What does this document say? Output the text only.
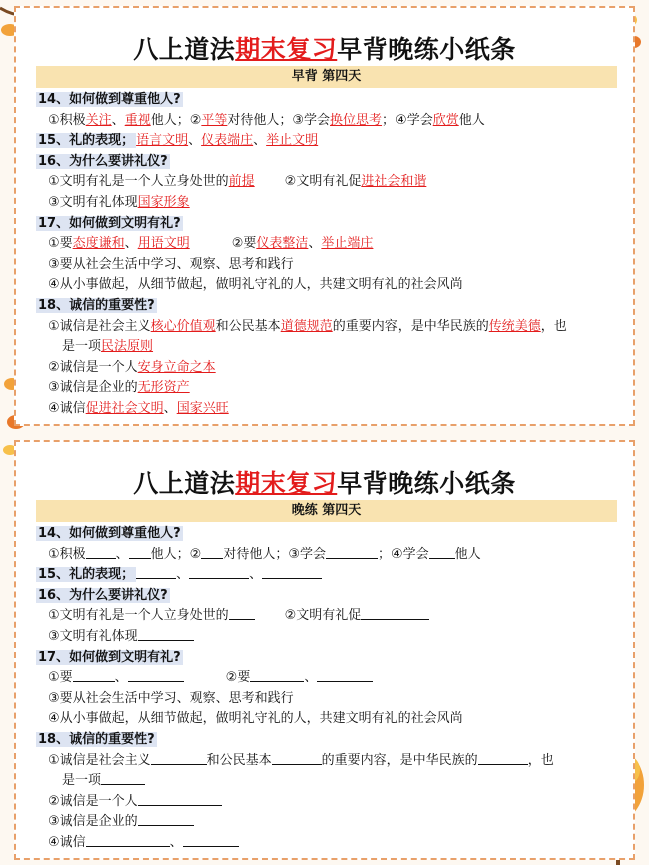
八上道法期末复习早背晚练小纸条
早背 第四天
14、如何做到尊重他人?
①积极关注、重视他人；②平等对待他人；③学会换位思考；④学会欣赏他人
15、礼的表现； 语言文明、仪表端庄、举止文明
16、为什么要讲礼仪?
①文明有礼是一个人立身处世的前提 ②文明有礼促进社会和谐
③文明有礼体现国家形象
17、如何做到文明有礼?
①要态度谦和、用语文明	②要仪表整洁、举止端庄
③要从社会生活中学习、观察、思考和践行
④从小事做起，从细节做起，做明礼守礼的人，共建文明有礼的社会风尚
18、诚信的重要性?
①诚信是社会主义核心价值观和公民基本道德规范的重要内容，是中华民族的传统美德，也
是一项民法原则
②诚信是一个人安身立命之本
③诚信是企业的无形资产
④诚信促进社会文明、国家兴旺
八上道法期末复习早背晚练小纸条
晚练 第四天
14、如何做到尊重他人?
①积极 、 他人；② 对待他人；③学会	；④学会 他人
15、礼的表现；	、	、
16、为什么要讲礼仪?
①文明有礼是一个人立身处世的	②文明有礼促
③文明有礼体现
17、如何做到文明有礼?
①要	、	②要	、
③要从社会生活中学习、观察、思考和践行
④从小事做起，从细节做起，做明礼守礼的人，共建文明有礼的社会风尚
18、诚信的重要性?
①诚信是社会主义	和公民基本	的重要内容，是中华民族的	，也
是一项
②诚信是一个人
③诚信是企业的
④诚信	、
